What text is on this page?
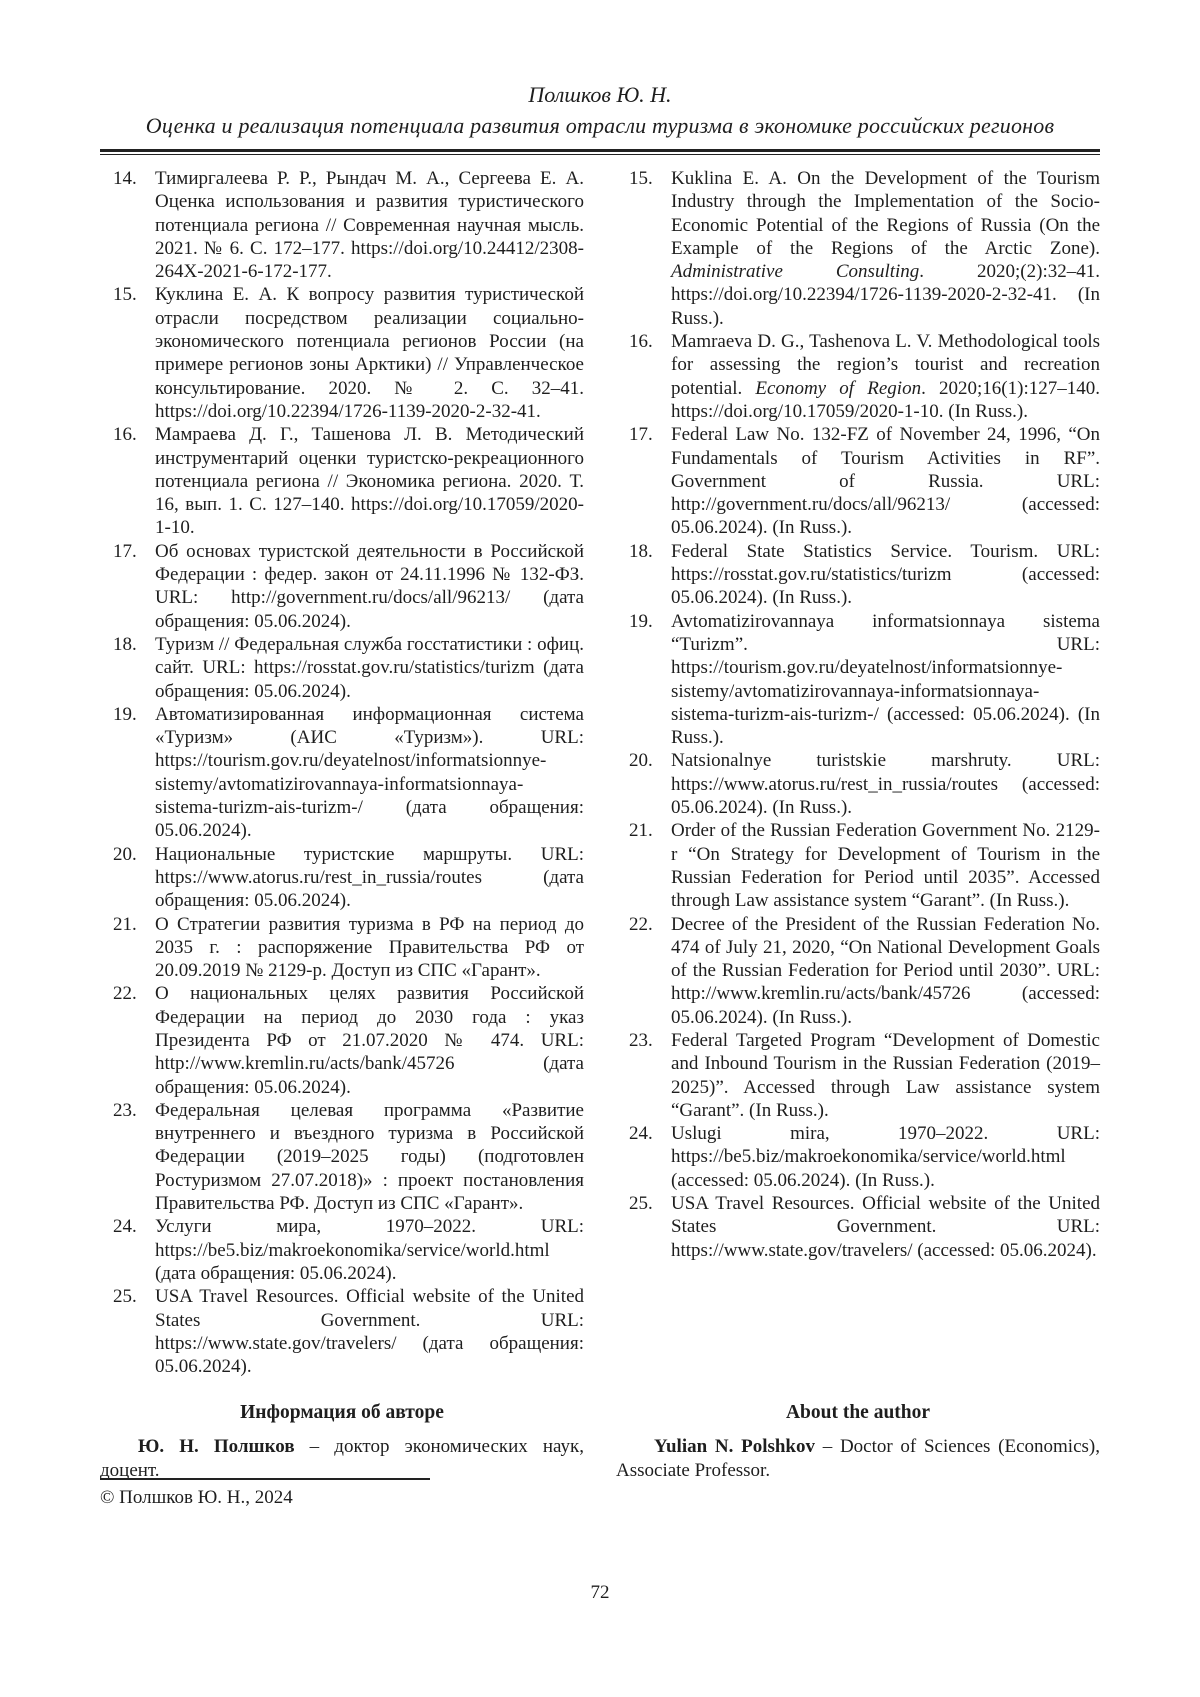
Полшков Ю. Н.
Оценка и реализация потенциала развития отрасли туризма в экономике российских регионов
14. Тимиргалеева Р. Р., Рындач М. А., Сергеева Е. А. Оценка использования и развития туристического потенциала региона // Современная научная мысль. 2021. № 6. С. 172–177. https://doi.org/10.24412/2308-264X-2021-6-172-177.
15. Куклина Е. А. К вопросу развития туристической отрасли посредством реализации социально-экономического потенциала регионов России (на примере регионов зоны Арктики) // Управленческое консультирование. 2020. № 2. С. 32–41. https://doi.org/10.22394/1726-1139-2020-2-32-41.
16. Мамраева Д. Г., Ташенова Л. В. Методический инструментарий оценки туристско-рекреационного потенциала региона // Экономика региона. 2020. Т. 16, вып. 1. С. 127–140. https://doi.org/10.17059/2020-1-10.
17. Об основах туристской деятельности в Российской Федерации : федер. закон от 24.11.1996 № 132-ФЗ. URL: http://government.ru/docs/all/96213/ (дата обращения: 05.06.2024).
18. Туризм // Федеральная служба госстатистики : офиц. сайт. URL: https://rosstat.gov.ru/statistics/turizm (дата обращения: 05.06.2024).
19. Автоматизированная информационная система «Туризм» (АИС «Туризм»). URL: https://tourism.gov.ru/deyatelnost/informatsionnye-sistemy/avtomatizirovannaya-informatsionnaya-sistema-turizm-ais-turizm-/ (дата обращения: 05.06.2024).
20. Национальные туристские маршруты. URL: https://www.atorus.ru/rest_in_russia/routes (дата обращения: 05.06.2024).
21. О Стратегии развития туризма в РФ на период до 2035 г. : распоряжение Правительства РФ от 20.09.2019 № 2129-р. Доступ из СПС «Гарант».
22. О национальных целях развития Российской Федерации на период до 2030 года : указ Президента РФ от 21.07.2020 № 474. URL: http://www.kremlin.ru/acts/bank/45726 (дата обращения: 05.06.2024).
23. Федеральная целевая программа «Развитие внутреннего и въездного туризма в Российской Федерации (2019–2025 годы) (подготовлен Ростуризмом 27.07.2018)» : проект постановления Правительства РФ. Доступ из СПС «Гарант».
24. Услуги мира, 1970–2022. URL: https://be5.biz/makroekonomika/service/world.html (дата обращения: 05.06.2024).
25. USA Travel Resources. Official website of the United States Government. URL: https://www.state.gov/travelers/ (дата обращения: 05.06.2024).
15. Kuklina E. A. On the Development of the Tourism Industry through the Implementation of the Socio-Economic Potential of the Regions of Russia (On the Example of the Regions of the Arctic Zone). Administrative Consulting. 2020;(2):32–41. https://doi.org/10.22394/1726-1139-2020-2-32-41. (In Russ.).
16. Mamraeva D. G., Tashenova L. V. Methodological tools for assessing the region’s tourist and recreation potential. Economy of Region. 2020;16(1):127–140. https://doi.org/10.17059/2020-1-10. (In Russ.).
17. Federal Law No. 132-FZ of November 24, 1996, “On Fundamentals of Tourism Activities in RF”. Government of Russia. URL: http://government.ru/docs/all/96213/ (accessed: 05.06.2024). (In Russ.).
18. Federal State Statistics Service. Tourism. URL: https://rosstat.gov.ru/statistics/turizm (accessed: 05.06.2024). (In Russ.).
19. Avtomatizirovannaya informatsionnaya sistema “Turizm”. URL: https://tourism.gov.ru/deyatelnost/informatsionnye-sistemy/avtomatizirovannaya-informatsionnaya-sistema-turizm-ais-turizm-/ (accessed: 05.06.2024). (In Russ.).
20. Natsionalnye turistskie marshruty. URL: https://www.atorus.ru/rest_in_russia/routes (accessed: 05.06.2024). (In Russ.).
21. Order of the Russian Federation Government No. 2129-r “On Strategy for Development of Tourism in the Russian Federation for Period until 2035”. Accessed through Law assistance system “Garant”. (In Russ.).
22. Decree of the President of the Russian Federation No. 474 of July 21, 2020, “On National Development Goals of the Russian Federation for Period until 2030”. URL: http://www.kremlin.ru/acts/bank/45726 (accessed: 05.06.2024). (In Russ.).
23. Federal Targeted Program “Development of Domestic and Inbound Tourism in the Russian Federation (2019–2025)”. Accessed through Law assistance system “Garant”. (In Russ.).
24. Uslugi mira, 1970–2022. URL: https://be5.biz/makroekonomika/service/world.html (accessed: 05.06.2024). (In Russ.).
25. USA Travel Resources. Official website of the United States Government. URL: https://www.state.gov/travelers/ (accessed: 05.06.2024).
Информация об авторе

Ю. Н. Полшков – доктор экономических наук, доцент.

About the author

Yulian N. Polshkov – Doctor of Sciences (Economics), Associate Professor.

© Полшков Ю. Н., 2024
72
